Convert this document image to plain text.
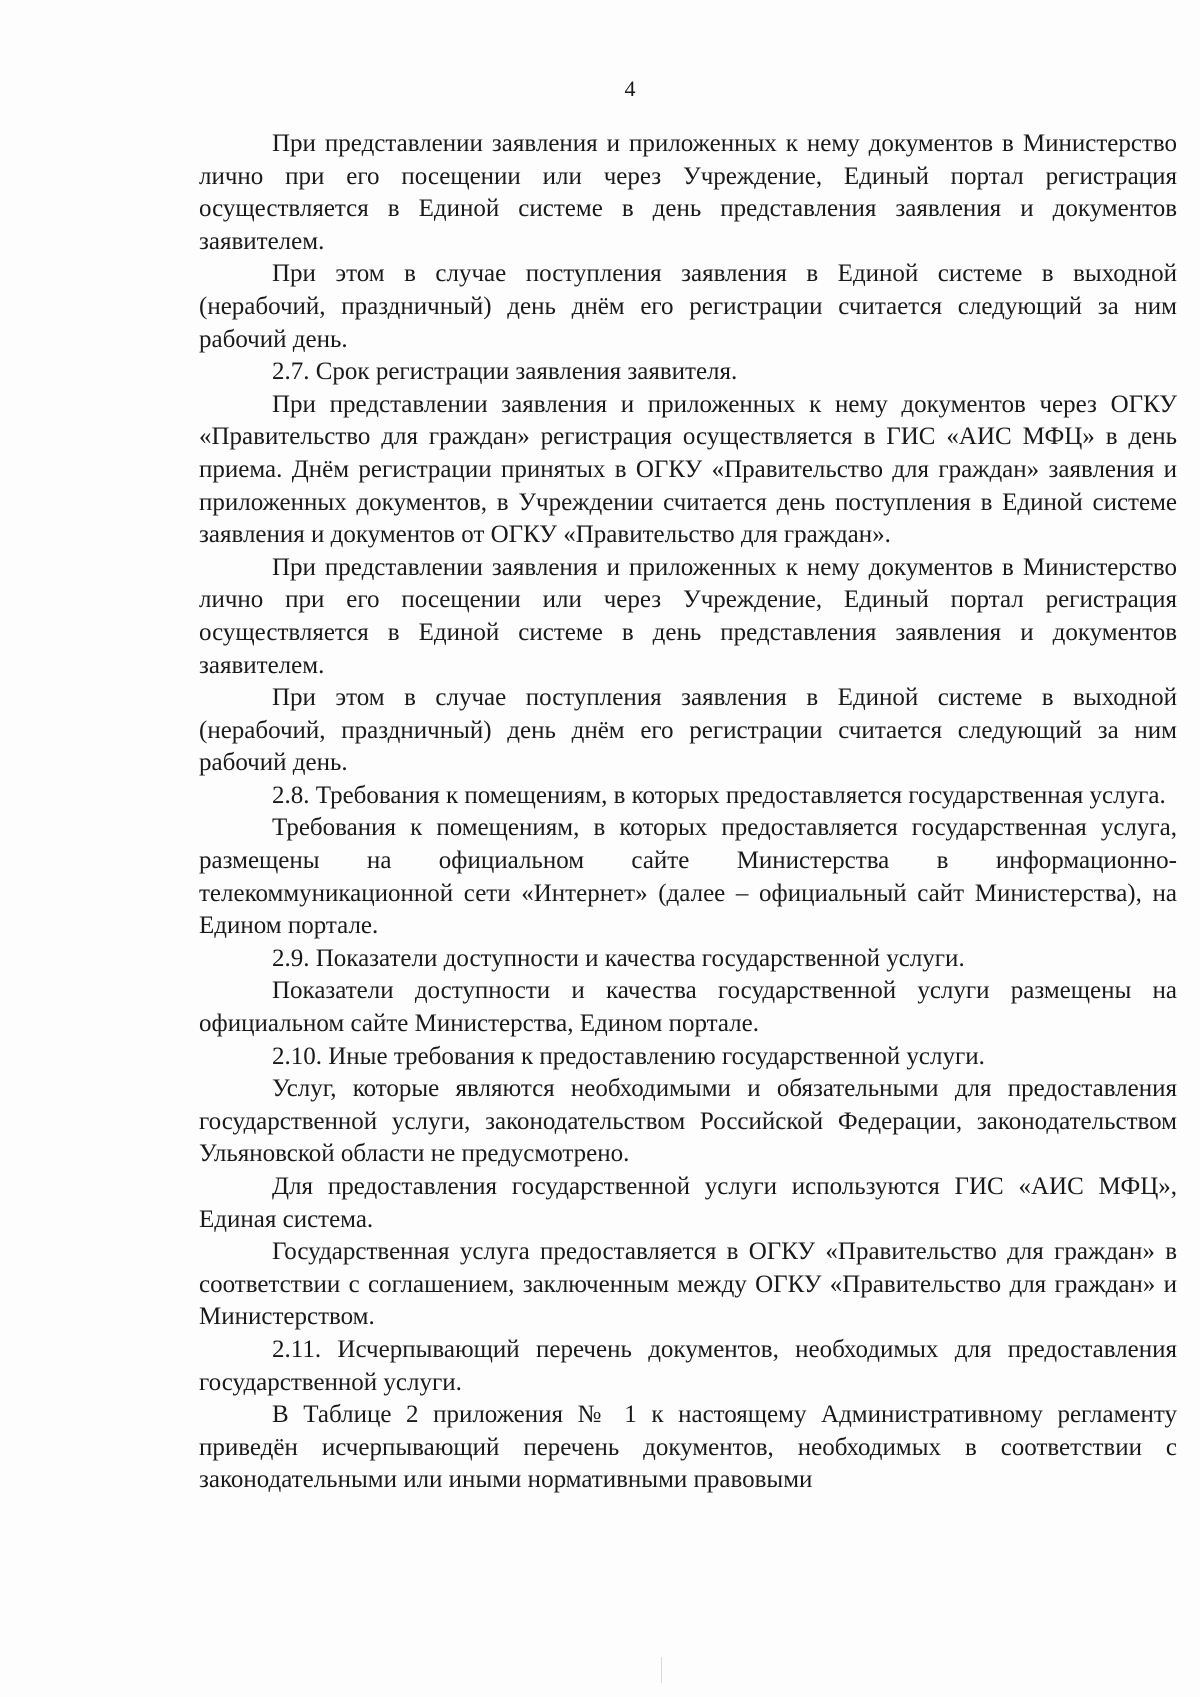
4

При представлении заявления и приложенных к нему документов в Министерство лично при его посещении или через Учреждение, Единый портал регистрация осуществляется в Единой системе в день представления заявления и документов заявителем.

При этом в случае поступления заявления в Единой системе в выходной (нерабочий, праздничный) день днём его регистрации считается следующий за ним рабочий день.

2.7. Срок регистрации заявления заявителя.

При представлении заявления и приложенных к нему документов через ОГКУ «Правительство для граждан» регистрация осуществляется в ГИС «АИС МФЦ» в день приема. Днём регистрации принятых в ОГКУ «Правительство для граждан» заявления и приложенных документов, в Учреждении считается день поступления в Единой системе заявления и документов от ОГКУ «Правительство для граждан».

При представлении заявления и приложенных к нему документов в Министерство лично при его посещении или через Учреждение, Единый портал регистрация осуществляется в Единой системе в день представления заявления и документов заявителем.

При этом в случае поступления заявления в Единой системе в выходной (нерабочий, праздничный) день днём его регистрации считается следующий за ним рабочий день.

2.8. Требования к помещениям, в которых предоставляется государственная услуга.

Требования к помещениям, в которых предоставляется государственная услуга, размещены на официальном сайте Министерства в информационно-телекоммуникационной сети «Интернет» (далее – официальный сайт Министерства), на Едином портале.

2.9. Показатели доступности и качества государственной услуги.

Показатели доступности и качества государственной услуги размещены на официальном сайте Министерства, Едином портале.

2.10. Иные требования к предоставлению государственной услуги.

Услуг, которые являются необходимыми и обязательными для предоставления государственной услуги, законодательством Российской Федерации, законодательством Ульяновской области не предусмотрено.

Для предоставления государственной услуги используются ГИС «АИС МФЦ», Единая система.

Государственная услуга предоставляется в ОГКУ «Правительство для граждан» в соответствии с соглашением, заключенным между ОГКУ «Правительство для граждан» и Министерством.

2.11. Исчерпывающий перечень документов, необходимых для предоставления государственной услуги.

В Таблице 2 приложения № 1 к настоящему Административному регламенту приведён исчерпывающий перечень документов, необходимых в соответствии с законодательными или иными нормативными правовыми
